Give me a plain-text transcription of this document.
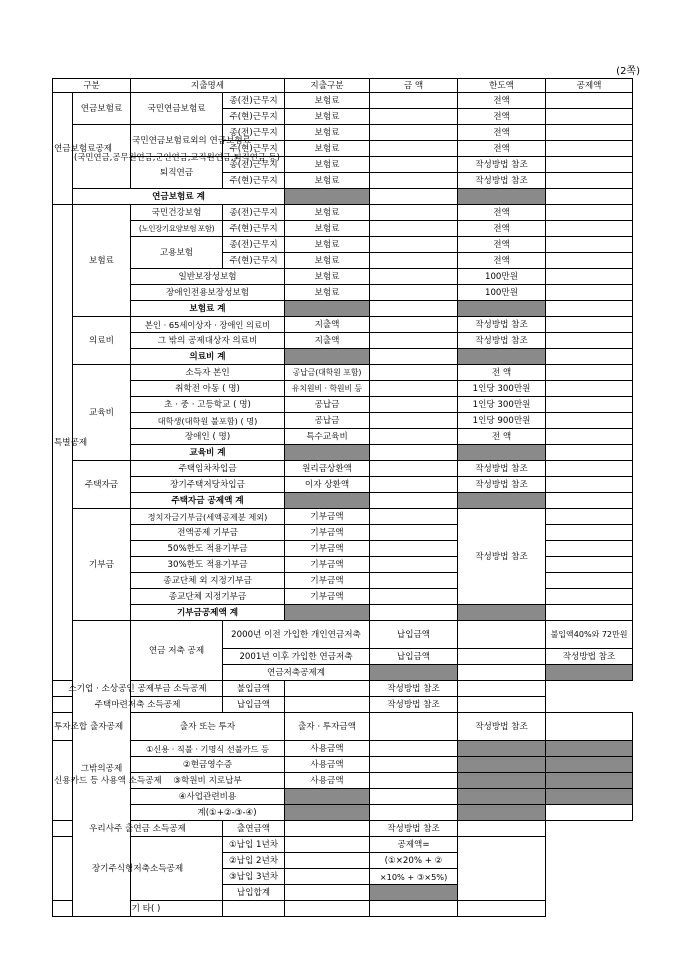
(2쪽)
구분		지출명세		지출구분	금 액	한도액	공제액	
연금보험료공제	연금보험료	국민연금보험료	종(전)근무지	보험료		전액		
			주(현)근무지	보험료		전액		
	(국민연금,공무원연금,군인연금,교직원연금,퇴직연금 등)	국민연금보험료외의 연금보험료	종(전)근무지	보험료		전액		
			주(현)근무지	보험료		전액		
		퇴직연금	종(전)근무지	보험료		작성방법 참조		
			주(현)근무지	보험료		작성방법 참조		
	연금보험료 계							
특별공제	보험료	국민건강보험	종(전)근무지	보험료		전액		
		(노인장기요양보험 포함)	주(현)근무지	보험료		전액		
		고용보험	종(전)근무지	보험료		전액		
			주(현)근무지	보험료		전액		
		일반보장성보험		보험료		100만원		
		장애인전용보장성보험		보험료		100만원		
		보험료 계						
	의료비	본인 · 65세이상자 · 장애인 의료비		지출액		작성방법 참조		
		그 밖의 공제대상자 의료비		지출액		작성방법 참조		
		의료비 계						
	교육비	소득자 본인		공납금(대학원 포함)		전 액		
		취학전 아동 ( 명)		유치원비 · 학원비 등		1인당 300만원		
		초 · 중 · 고등학교 ( 명)		공납금		1인당 300만원		
		대학생(대학원 불포함) ( 명)		공납금		1인당 900만원		
		장애인 ( 명)		특수교육비		전 액		
		교육비 계						
	주택자금	주택임차차입금		원리금상환액		작성방법 참조		
		장기주택저당차입금		이자 상환액		작성방법 참조		
		주택자금 공제액 계						
	기부금	정치자금기부금(세액공제분 제외)		기부금액		작성방법 참조		
		전액공제 기부금		기부금액				
		50%한도 적용기부금		기부금액				
		30%한도 적용기부금		기부금액				
		종교단체 외 지정기부금		기부금액				
		종교단체 지정기부금		기부금액				
		기부금공제액 계						
	그밖의공제	연금 저축 공제	2000년 이전 가입한 개인연금저축		납입금액		불입액40%와 72만원	
			2001년 이후 가입한 연금저축		납입금액		작성방법 참조	
			연금저축공제계					
소기업 · 소상공인 공제부금 소득공제			불입금액		작성방법 참조			
주택마련저축 소득공제			납입금액		작성방법 참조			
투자조합 출자공제		출자 또는 투자		출자 · 투자금액		작성방법 참조		
신용카드 등 사용액 소득공제		①신용 · 직불 · 기명식 선불카드 등		사용금액				
		②현금영수증		사용금액				
		③학원비 지로납부		사용금액				
		④사업관련비용						
		계(①+②-③-④)						
우리사주 출연금 소득공제			출연금액		작성방법 참조			
장기주식형저축소득공제			①납입 1년차		공제액=			
			②납입 2년차		(①×20% + ②			
			③납입 3년차		×10% + ③×5%)			
			납입합계					
기 타( )								
